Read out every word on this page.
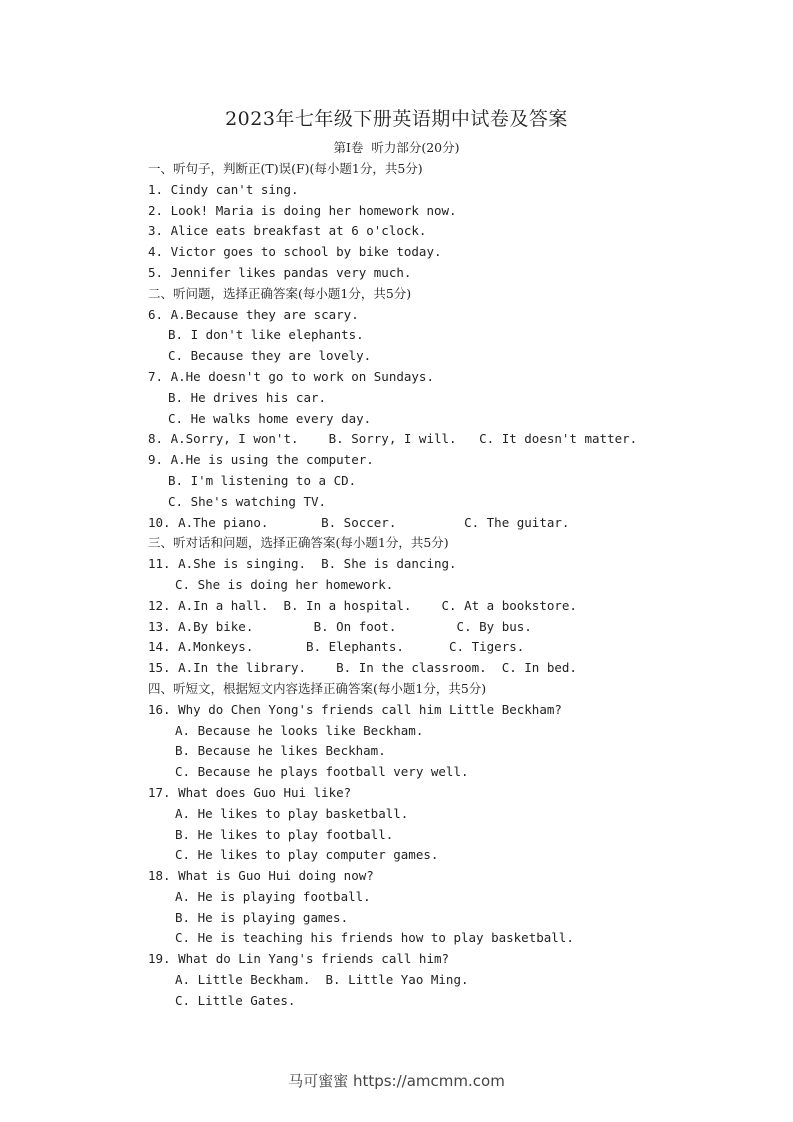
2023年七年级下册英语期中试卷及答案
第Ⅰ卷  听力部分(20分)
一、听句子，判断正(T)误(F)(每小题1分，共5分)
1. Cindy can't sing.
2. Look! Maria is doing her homework now.
3. Alice eats breakfast at 6 o'clock.
4. Victor goes to school by bike today.
5. Jennifer likes pandas very much.
二、听问题，选择正确答案(每小题1分，共5分)
6. A.Because they are scary.
B. I don't like elephants.
C. Because they are lovely.
7. A.He doesn't go to work on Sundays.
B. He drives his car.
C. He walks home every day.
8. A.Sorry, I won't.    B. Sorry, I will.   C. It doesn't matter.
9. A.He is using the computer.
B. I'm listening to a CD.
C. She's watching TV.
10. A.The piano.       B. Soccer.         C. The guitar.
三、听对话和问题，选择正确答案(每小题1分，共5分)
11. A.She is singing.  B. She is dancing.
C. She is doing her homework.
12. A.In a hall.  B. In a hospital.    C. At a bookstore.
13. A.By bike.        B. On foot.        C. By bus.
14. A.Monkeys.       B. Elephants.      C. Tigers.
15. A.In the library.    B. In the classroom.  C. In bed.
四、听短文，根据短文内容选择正确答案(每小题1分，共5分)
16. Why do Chen Yong's friends call him Little Beckham?
A. Because he looks like Beckham.
B. Because he likes Beckham.
C. Because he plays football very well.
17. What does Guo Hui like?
A. He likes to play basketball.
B. He likes to play football.
C. He likes to play computer games.
18. What is Guo Hui doing now?
A. He is playing football.
B. He is playing games.
C. He is teaching his friends how to play basketball.
19. What do Lin Yang's friends call him?
A. Little Beckham.  B. Little Yao Ming.
C. Little Gates.
马可蜜蜜 https://amcmm.com
